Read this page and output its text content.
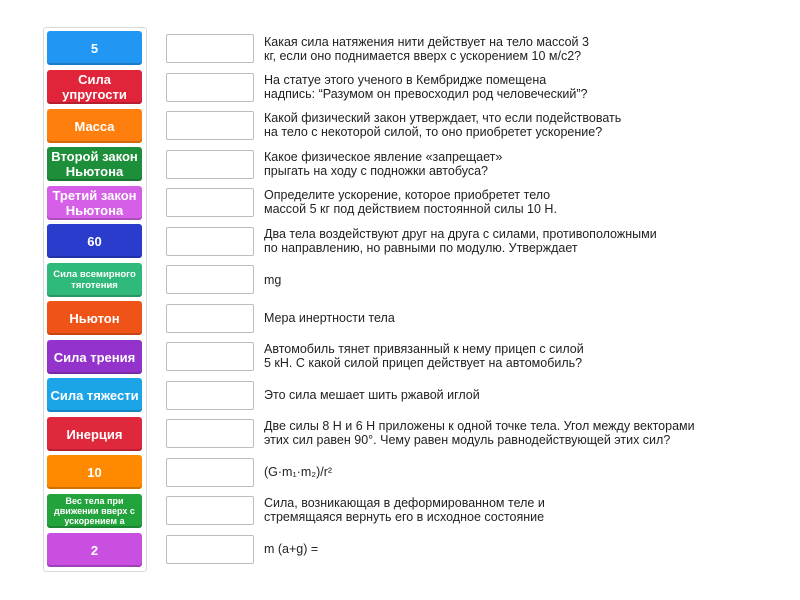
5
Сила упругости
Масса
Второй закон Ньютона
Третий закон Ньютона
60
Сила всемирного тяготения
Ньютон
Сила трения
Сила тяжести
Инерция
10
Вес тела при движении вверх с ускорением а
2
Какая сила натяжения нити действует на тело массой 3
кг, если оно поднимается вверх с ускорением 10 м/с2?
На статуе этого ученого в Кембридже помещена
надпись: “Разумом он превосходил род человеческий”?
Какой физический закон утверждает, что если подействовать
на тело с некоторой силой, то оно приобретет ускорение?
Какое физическое явление «запрещает»
прыгать на ходу с подножки автобуса?
Определите ускорение, которое приобретет тело
массой 5 кг под действием постоянной силы 10 Н.
Два тела воздействуют друг на друга с силами, противоположными
по направлению, но равными по модулю. Утверждает
mg
Мера инертности тела
Автомобиль тянет привязанный к нему прицеп с силой
5 кН. С какой силой прицеп действует на автомобиль?
Это сила мешает шить ржавой иглой
Две силы 8 Н и 6 Н приложены к одной точке тела. Угол между векторами
этих сил равен 90°. Чему равен модуль равнодействующей этих сил?
(G·m₁·m₂)/r²
Сила, возникающая в деформированном теле и
стремящаяся вернуть его в исходное состояние
m (a+g) =
